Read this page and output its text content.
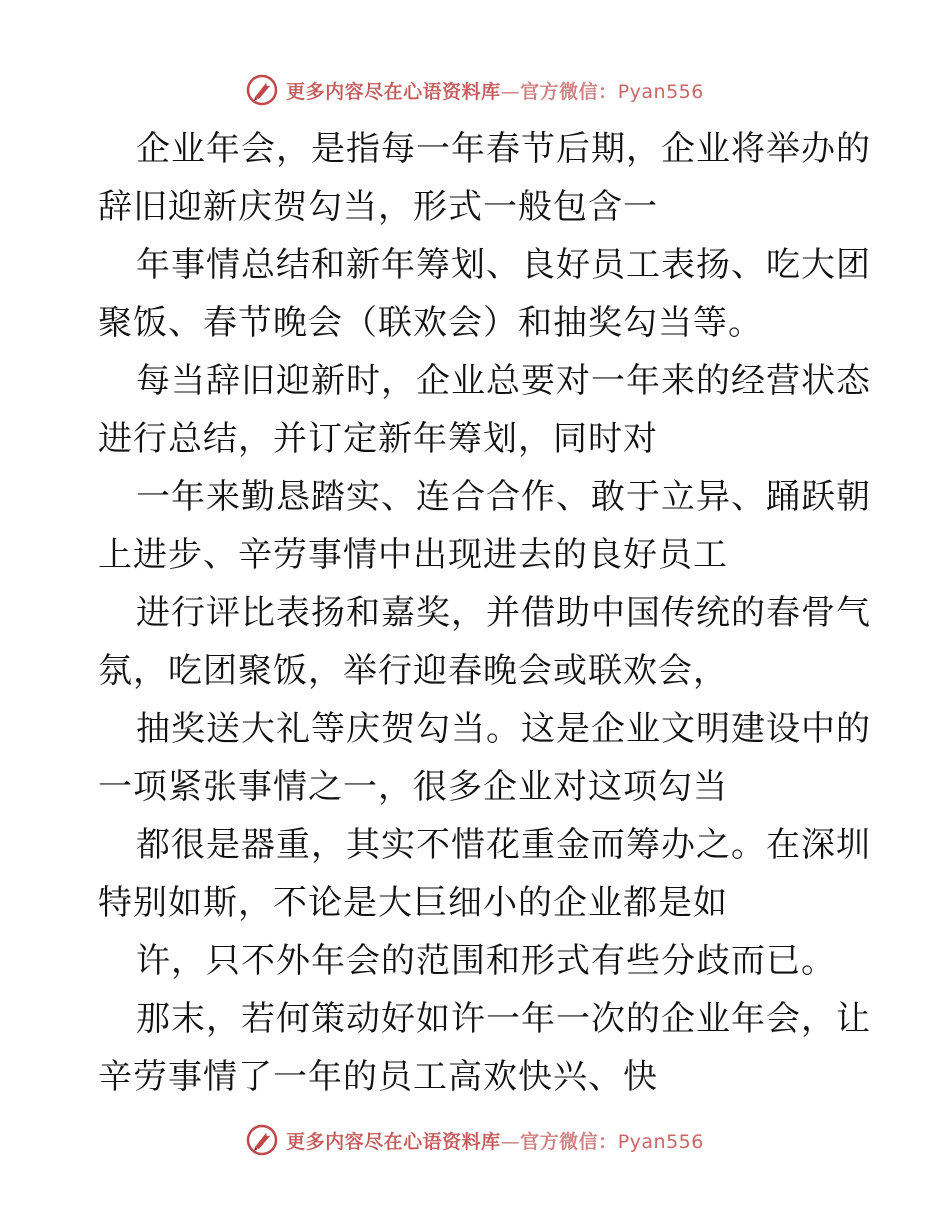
更多内容尽在心语资料库—官方微信：Pyan556
企业年会，是指每一年春节后期，企业将举办的
辞旧迎新庆贺勾当，形式一般包含一
年事情总结和新年筹划、良好员工表扬、吃大团
聚饭、春节晚会（联欢会）和抽奖勾当等。
每当辞旧迎新时，企业总要对一年来的经营状态
进行总结，并订定新年筹划，同时对
一年来勤恳踏实、连合合作、敢于立异、踊跃朝
上进步、辛劳事情中出现进去的良好员工
进行评比表扬和嘉奖，并借助中国传统的春骨气
氛，吃团聚饭，举行迎春晚会或联欢会，
抽奖送大礼等庆贺勾当。这是企业文明建设中的
一项紧张事情之一，很多企业对这项勾当
都很是器重，其实不惜花重金而筹办之。在深圳
特别如斯，不论是大巨细小的企业都是如
许，只不外年会的范围和形式有些分歧而已。
那末，若何策动好如许一年一次的企业年会，让
辛劳事情了一年的员工高欢快兴、快
更多内容尽在心语资料库—官方微信：Pyan556
